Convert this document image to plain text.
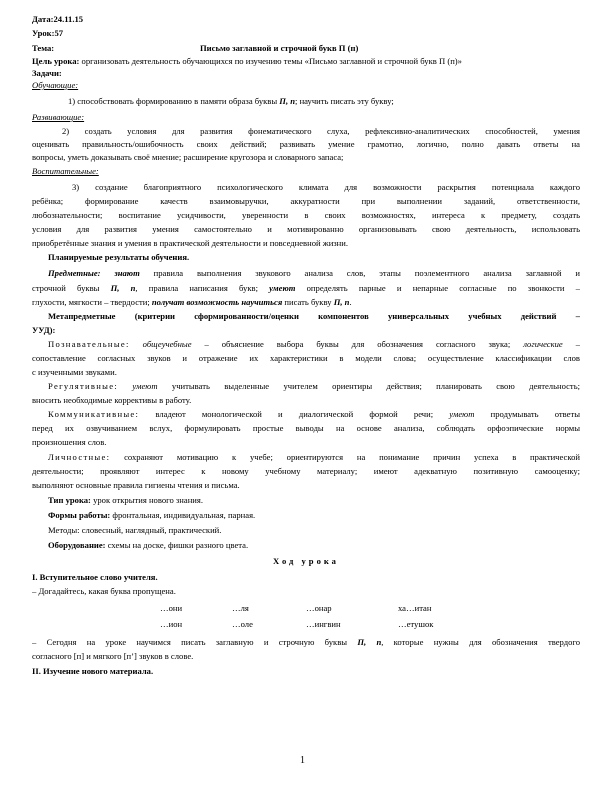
Дата:24.11.15
Урок:57
Тема:	Письмо заглавной и строчной букв П (п)
Цель урока: организовать деятельность обучающихся по изучению темы «Письмо заглавной и строчной букв П (п)»
Задачи:
Обучающие:
1) способствовать формированию в памяти образа буквы П, п; научить писать эту букву;
Развивающие:
2) создать условия для развития фонематического слуха, рефлексивно-аналитических способностей, умения
оценивать правильность/ошибочность своих действий; развивать умение грамотно, логично, полно давать ответы на
вопросы, уметь доказывать своё мнение; расширение кругозора и словарного запаса;
Воспитательные:
3) создание благоприятного психологического климата для возможности раскрытия потенциала каждого
ребёнка; формирование качеств взаимовыручки, аккуратности при выполнении заданий, ответственности,
любознательности; воспитание усидчивости, уверенности в своих возможностях, интереса к предмету, создать
условия для развития умения самостоятельно и мотивированно организовывать свою деятельность, использовать
приобретённые знания и умения в практической деятельности и повседневной жизни.
Планируемые результаты обучения.
Предметные: знают правила выполнения звукового анализа слов, этапы поэлементного анализа заглавной и
строчной буквы П, п, правила написания букв; умеют определять парные и непарные согласные по звонкости –
глухости, мягкости – твердости; получат возможность научиться писать букву П, п.
Метапредметные (критерии сформированности/оценки компонентов универсальных учебных действий –
УУД):
Познавательные: общеучебные – объяснение выбора буквы для обозначения согласного звука; логические –
сопоставление согласных звуков и отражение их характеристики в модели слова; осуществление классификации слов
с изученными звуками.
Регулятивные: умеют учитывать выделенные учителем ориентиры действия; планировать свою деятельность;
вносить необходимые коррективы в работу.
Коммуникативные: владеют монологической и диалогической формой речи; умеют продумывать ответы
перед их озвучиванием вслух, формулировать простые выводы на основе анализа, соблюдать орфоэпические нормы
произношения слов.
Личностные: сохраняют мотивацию к учебе; ориентируются на понимание причин успеха в практической
деятельности; проявляют интерес к новому учебному материалу; имеют адекватную позитивную самооценку;
выполняют основные правила гигиены чтения и письма.
Тип урока: урок открытия нового знания.
Формы работы: фронтальная, индивидуальная, парная.
Методы: словесный, наглядный, практический.
Оборудование: схемы на доске, фишки разного цвета.
Ход урока
I. Вступительное слово учителя.
– Догадайтесь, какая буква пропущена.
…они	…ля	…онар	ха…итан
…ион	…оле	…ингвин	…етушок
– Сегодня на уроке научимся писать заглавную и строчную буквы П, п, которые нужны для обозначения твердого
согласного [п] и мягкого [п’] звуков в слове.
II. Изучение нового материала.
1
